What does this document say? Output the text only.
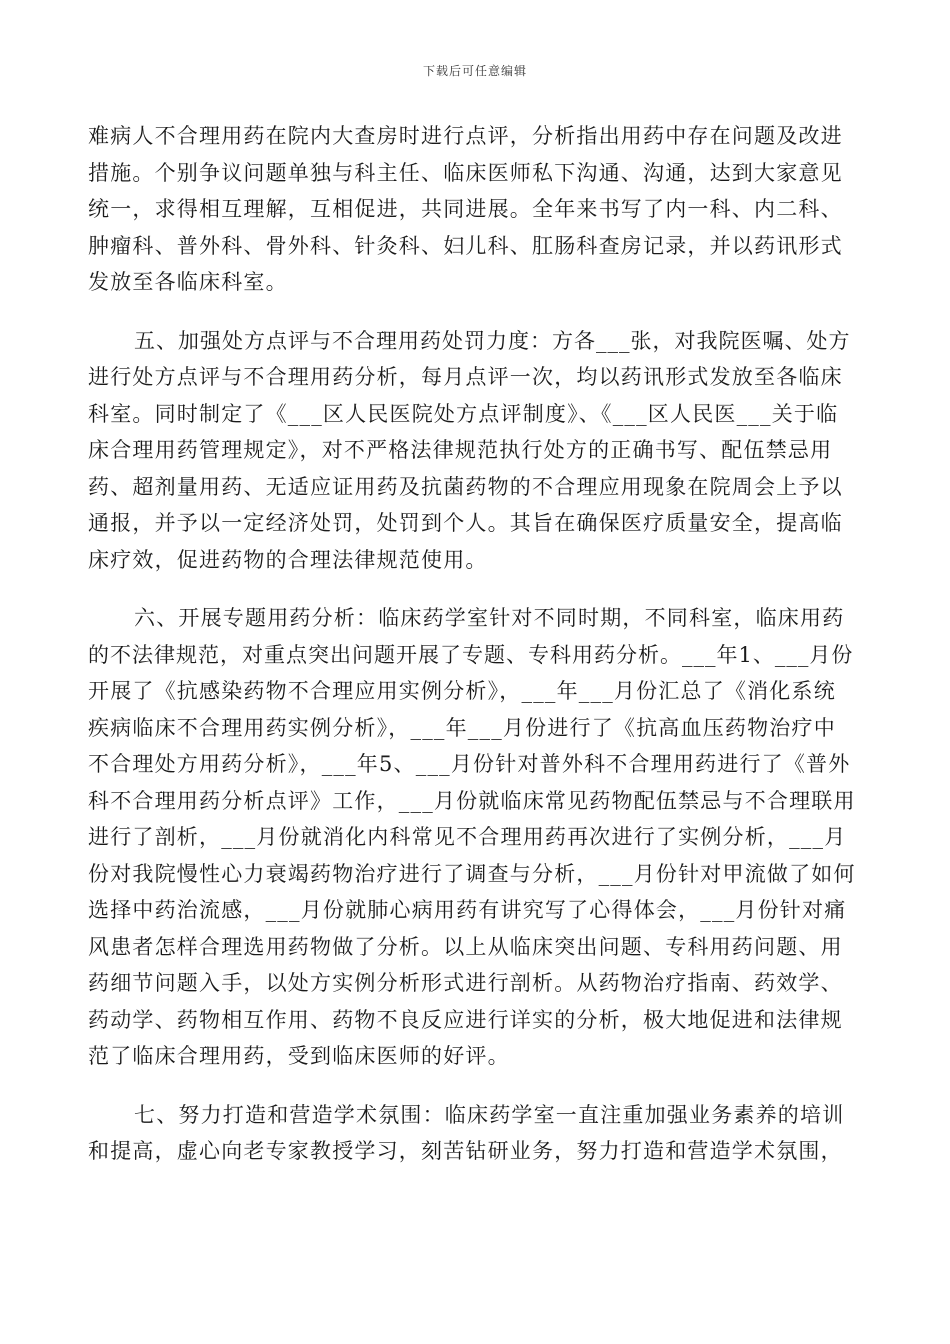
下载后可任意编辑
难病人不合理用药在院内大查房时进行点评，分析指出用药中存在问题及改进
措施。个别争议问题单独与科主任、临床医师私下沟通、沟通，达到大家意见
统一，求得相互理解，互相促进，共同进展。全年来书写了内一科、内二科、
肿瘤科、普外科、骨外科、针灸科、妇儿科、肛肠科查房记录，并以药讯形式
发放至各临床科室。
五、加强处方点评与不合理用药处罚力度：方各___张，对我院医嘱、处方
进行处方点评与不合理用药分析，每月点评一次，均以药讯形式发放至各临床
科室。同时制定了《___区人民医院处方点评制度》、《___区人民医___关于临
床合理用药管理规定》，对不严格法律规范执行处方的正确书写、配伍禁忌用
药、超剂量用药、无适应证用药及抗菌药物的不合理应用现象在院周会上予以
通报，并予以一定经济处罚，处罚到个人。其旨在确保医疗质量安全，提高临
床疗效，促进药物的合理法律规范使用。
六、开展专题用药分析：临床药学室针对不同时期，不同科室，临床用药
的不法律规范，对重点突出问题开展了专题、专科用药分析。___年1、___月份
开展了《抗感染药物不合理应用实例分析》，___年___月份汇总了《消化系统
疾病临床不合理用药实例分析》，___年___月份进行了《抗高血压药物治疗中
不合理处方用药分析》，___年5、___月份针对普外科不合理用药进行了《普外
科不合理用药分析点评》工作，___月份就临床常见药物配伍禁忌与不合理联用
进行了剖析，___月份就消化内科常见不合理用药再次进行了实例分析，___月
份对我院慢性心力衰竭药物治疗进行了调查与分析，___月份针对甲流做了如何
选择中药治流感，___月份就肺心病用药有讲究写了心得体会，___月份针对痛
风患者怎样合理选用药物做了分析。以上从临床突出问题、专科用药问题、用
药细节问题入手，以处方实例分析形式进行剖析。从药物治疗指南、药效学、
药动学、药物相互作用、药物不良反应进行详实的分析，极大地促进和法律规
范了临床合理用药，受到临床医师的好评。
七、努力打造和营造学术氛围：临床药学室一直注重加强业务素养的培训
和提高，虚心向老专家教授学习，刻苦钻研业务，努力打造和营造学术氛围，
